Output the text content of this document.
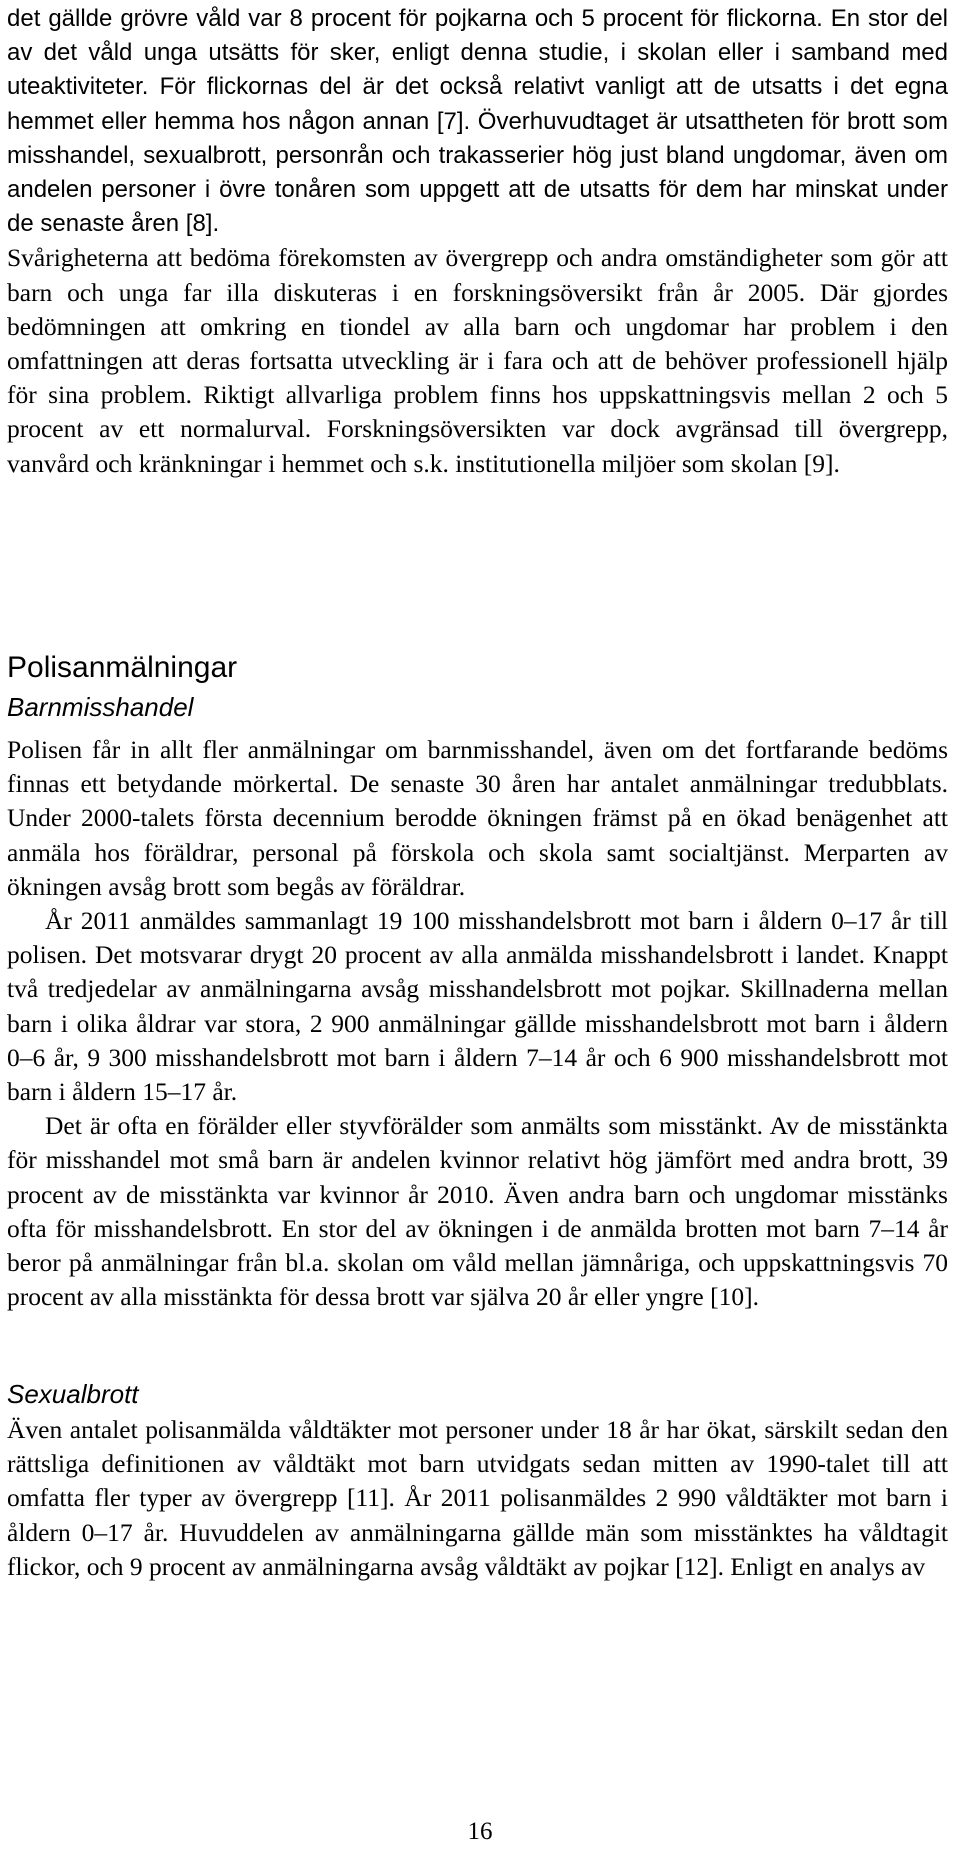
det gällde grövre våld var 8 procent för pojkarna och 5 procent för flickorna. En stor del av det våld unga utsätts för sker, enligt denna studie, i skolan eller i samband med uteaktiviteter. För flickornas del är det också relativt vanligt att de utsatts i det egna hemmet eller hemma hos någon annan [7]. Överhuvudtaget är utsattheten för brott som misshandel, sexualbrott, personrån och trakasserier hög just bland ungdomar, även om andelen personer i övre tonåren som uppgett att de utsatts för dem har minskat under de senaste åren [8].

Svårigheterna att bedöma förekomsten av övergrepp och andra omständigheter som gör att barn och unga far illa diskuteras i en forskningsöversikt från år 2005. Där gjordes bedömningen att omkring en tiondel av alla barn och ungdomar har problem i den omfattningen att deras fortsatta utveckling är i fara och att de behöver professionell hjälp för sina problem. Riktigt allvarliga problem finns hos uppskattningsvis mellan 2 och 5 procent av ett normalurval. Forskningsöversikten var dock avgränsad till övergrepp, vanvård och kränkningar i hemmet och s.k. institutionella miljöer som skolan [9].

Polisanmälningar
Barnmisshandel

Polisen får in allt fler anmälningar om barnmisshandel, även om det fortfarande bedöms finnas ett betydande mörkertal. De senaste 30 åren har antalet anmälningar tredubblats. Under 2000-talets första decennium berodde ökningen främst på en ökad benägenhet att anmäla hos föräldrar, personal på förskola och skola samt socialtjänst. Merparten av ökningen avsåg brott som begås av föräldrar.

År 2011 anmäldes sammanlagt 19 100 misshandelsbrott mot barn i åldern 0–17 år till polisen. Det motsvarar drygt 20 procent av alla anmälda misshandelsbrott i landet. Knappt två tredjedelar av anmälningarna avsåg misshandelsbrott mot pojkar. Skillnaderna mellan barn i olika åldrar var stora, 2 900 anmälningar gällde misshandelsbrott mot barn i åldern 0–6 år, 9 300 misshandelsbrott mot barn i åldern 7–14 år och 6 900 misshandelsbrott mot barn i åldern 15–17 år.

Det är ofta en förälder eller styvförälder som anmälts som misstänkt. Av de misstänkta för misshandel mot små barn är andelen kvinnor relativt hög jämfört med andra brott, 39 procent av de misstänkta var kvinnor år 2010. Även andra barn och ungdomar misstänks ofta för misshandelsbrott. En stor del av ökningen i de anmälda brotten mot barn 7–14 år beror på anmälningar från bl.a. skolan om våld mellan jämnåriga, och uppskattningsvis 70 procent av alla misstänkta för dessa brott var själva 20 år eller yngre [10].

Sexualbrott

Även antalet polisanmälda våldtäkter mot personer under 18 år har ökat, särskilt sedan den rättsliga definitionen av våldtäkt mot barn utvidgats sedan mitten av 1990-talet till att omfatta fler typer av övergrepp [11]. År 2011 polisanmäldes 2 990 våldtäkter mot barn i åldern 0–17 år. Huvuddelen av anmälningarna gällde män som misstänktes ha våldtagit flickor, och 9 procent av anmälningarna avsåg våldtäkt av pojkar [12]. Enligt en analys av

16
